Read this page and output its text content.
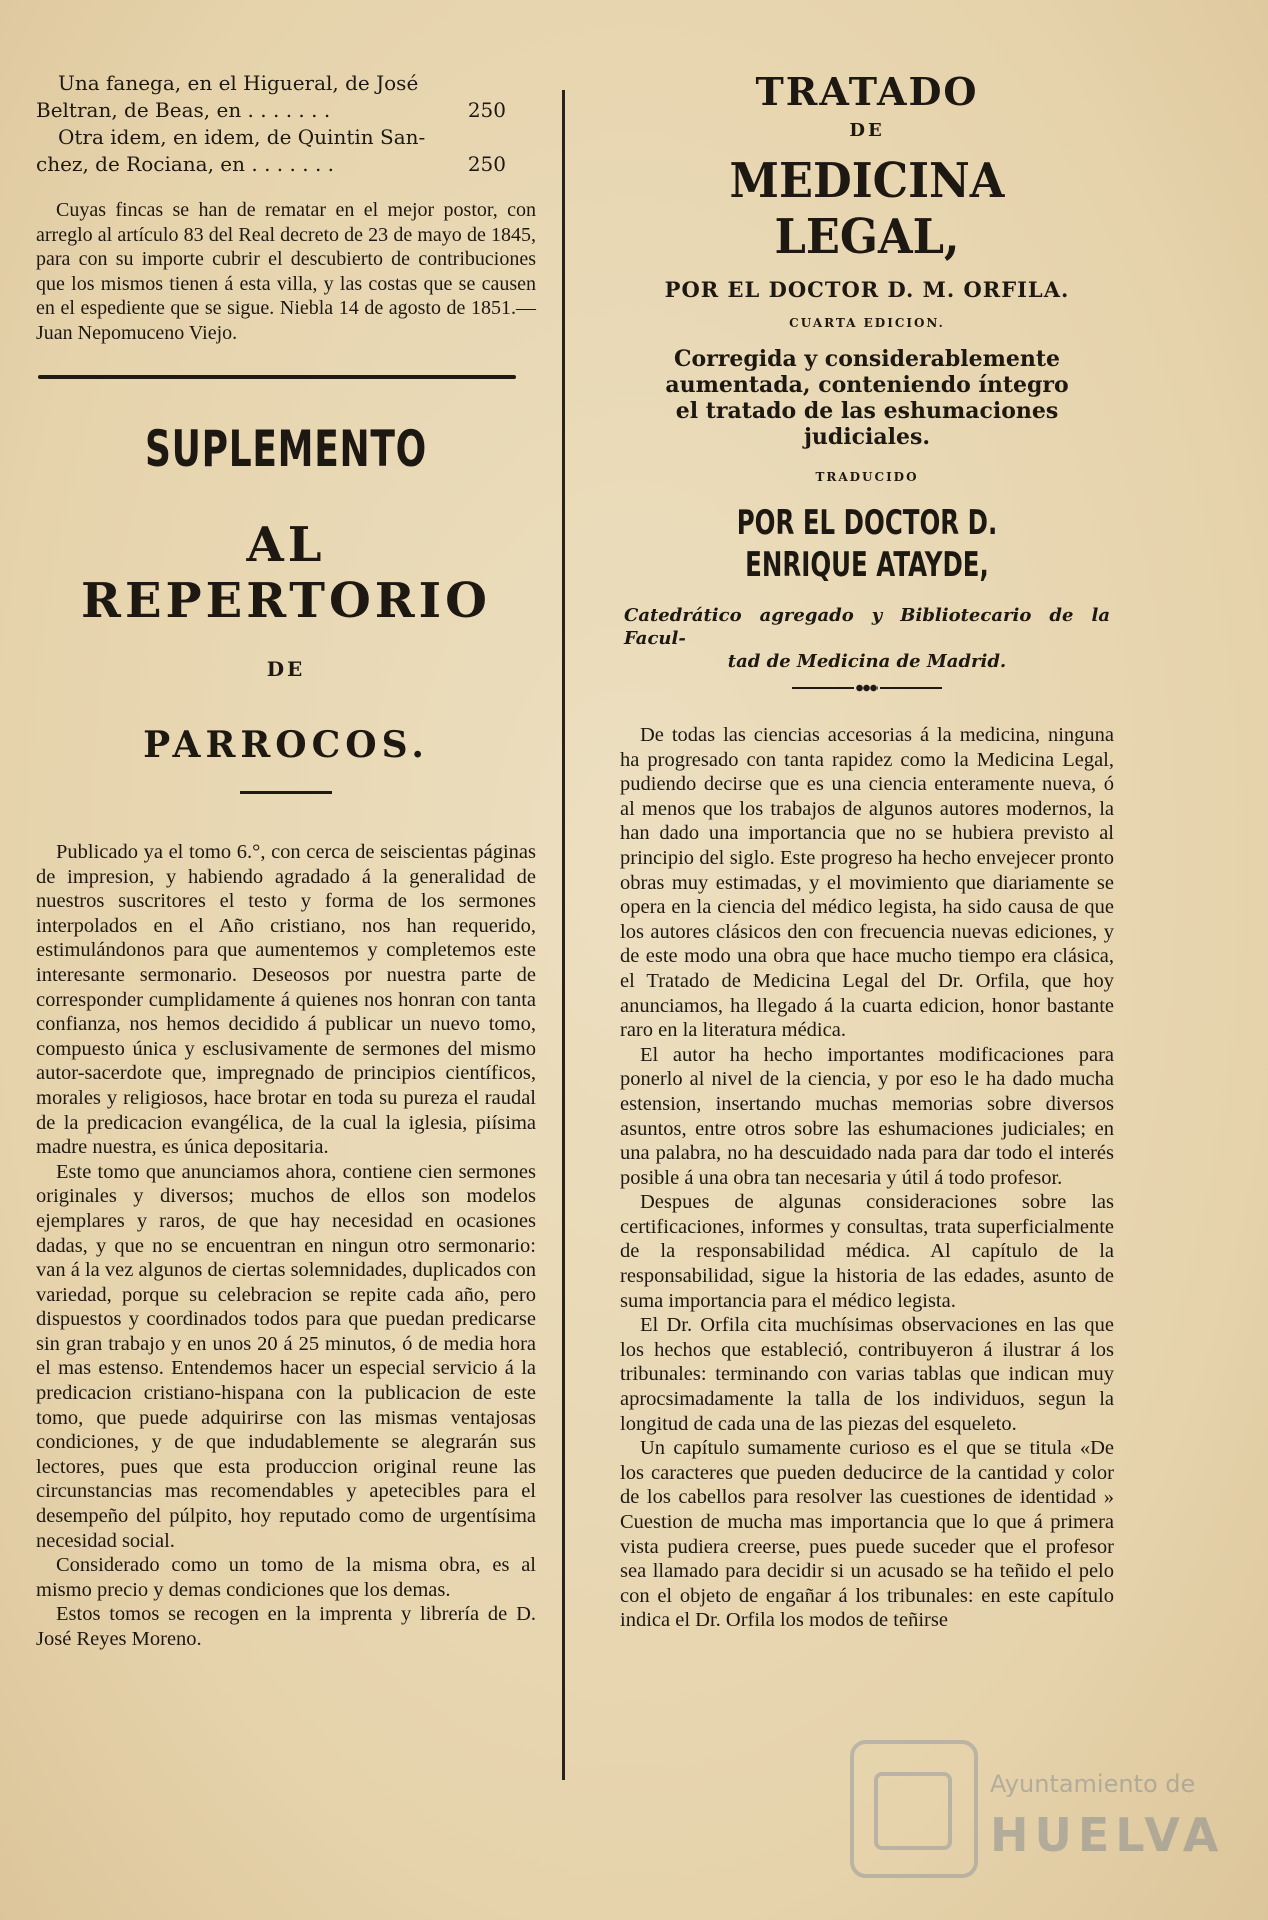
Una fanega, en el Higueral, de José
Beltran, de Beas, en . . . . . . .	250
Otra idem, en idem, de Quintin San-
chez, de Rociana, en . . . . . . .	250

Cuyas fincas se han de rematar en el mejor postor, con arreglo al artículo 83 del Real decreto de 23 de mayo de 1845, para con su importe cubrir el descubierto de contribuciones que los mismos tienen á esta villa, y las costas que se causen en el espediente que se sigue. Niebla 14 de agosto de 1851.—Juan Nepomuceno Viejo.

SUPLEMENTO
AL REPERTORIO
DE
PARROCOS.

Publicado ya el tomo 6.°, con cerca de seiscientas páginas de impresion, y habiendo agradado á la generalidad de nuestros suscritores el testo y forma de los sermones interpolados en el Año cristiano, nos han requerido, estimulándonos para que aumentemos y completemos este interesante sermonario. Deseosos por nuestra parte de corresponder cumplidamente á quienes nos honran con tanta confianza, nos hemos decidido á publicar un nuevo tomo, compuesto única y esclusivamente de sermones del mismo autor-sacerdote que, impregnado de principios científicos, morales y religiosos, hace brotar en toda su pureza el raudal de la predicacion evangélica, de la cual la iglesia, piísima madre nuestra, es única depositaria.

Este tomo que anunciamos ahora, contiene cien sermones originales y diversos; muchos de ellos son modelos ejemplares y raros, de que hay necesidad en ocasiones dadas, y que no se encuentran en ningun otro sermonario: van á la vez algunos de ciertas solemnidades, duplicados con variedad, porque su celebracion se repite cada año, pero dispuestos y coordinados todos para que puedan predicarse sin gran trabajo y en unos 20 á 25 minutos, ó de media hora el mas estenso. Entendemos hacer un especial servicio á la predicacion cristiano-hispana con la publicacion de este tomo, que puede adquirirse con las mismas ventajosas condiciones, y de que indudablemente se alegrarán sus lectores, pues que esta produccion original reune las circunstancias mas recomendables y apetecibles para el desempeño del púlpito, hoy reputado como de urgentísima necesidad social.

Considerado como un tomo de la misma obra, es al mismo precio y demas condiciones que los demas.

Estos tomos se recogen en la imprenta y librería de D. José Reyes Moreno.

TRATADO
DE
MEDICINA LEGAL,
POR EL DOCTOR D. M. ORFILA.
CUARTA EDICION.
Corregida y considerablemente aumentada, conteniendo íntegro el tratado de las eshumaciones judiciales.
TRADUCIDO
POR EL DOCTOR D. ENRIQUE ATAYDE,
Catedrático agregado y Bibliotecario de la Facul-
tad de Medicina de Madrid.

De todas las ciencias accesorias á la medicina, ninguna ha progresado con tanta rapidez como la Medicina Legal, pudiendo decirse que es una ciencia enteramente nueva, ó al menos que los trabajos de algunos autores modernos, la han dado una importancia que no se hubiera previsto al principio del siglo. Este progreso ha hecho envejecer pronto obras muy estimadas, y el movimiento que diariamente se opera en la ciencia del médico legista, ha sido causa de que los autores clásicos den con frecuencia nuevas ediciones, y de este modo una obra que hace mucho tiempo era clásica, el Tratado de Medicina Legal del Dr. Orfila, que hoy anunciamos, ha llegado á la cuarta edicion, honor bastante raro en la literatura médica.

El autor ha hecho importantes modificaciones para ponerlo al nivel de la ciencia, y por eso le ha dado mucha estension, insertando muchas memorias sobre diversos asuntos, entre otros sobre las eshumaciones judiciales; en una palabra, no ha descuidado nada para dar todo el interés posible á una obra tan necesaria y útil á todo profesor.

Despues de algunas consideraciones sobre las certificaciones, informes y consultas, trata superficialmente de la responsabilidad médica. Al capítulo de la responsabilidad, sigue la historia de las edades, asunto de suma importancia para el médico legista.

El Dr. Orfila cita muchísimas observaciones en las que los hechos que estableció, contribuyeron á ilustrar á los tribunales: terminando con varias tablas que indican muy aprocsimadamente la talla de los individuos, segun la longitud de cada una de las piezas del esqueleto.

Un capítulo sumamente curioso es el que se titula «De los caracteres que pueden deducirce de la cantidad y color de los cabellos para resolver las cuestiones de identidad » Cuestion de mucha mas importancia que lo que á primera vista pudiera creerse, pues puede suceder que el profesor sea llamado para decidir si un acusado se ha teñido el pelo con el objeto de engañar á los tribunales: en este capítulo indica el Dr. Orfila los modos de teñirse

Ayuntamiento de
HUELVA
